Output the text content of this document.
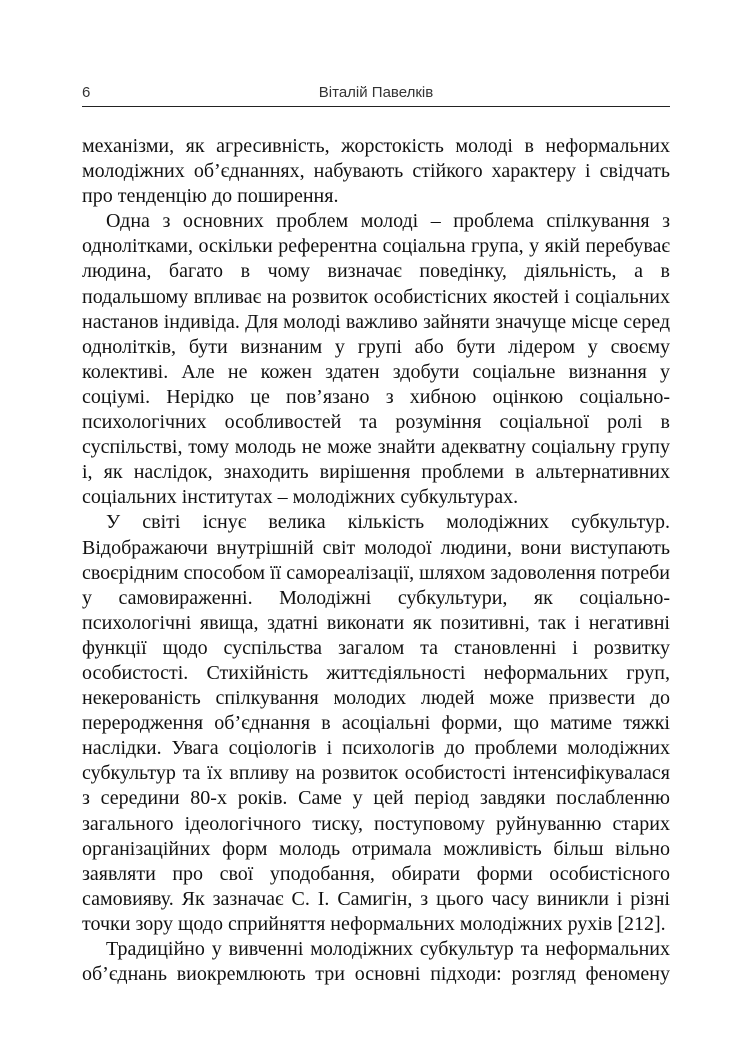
6	Віталій Павелків

механізми, як агресивність, жорстокість молоді в неформальних
молодіжних об’єднаннях, набувають стійкого характеру і свідчать
про тенденцію до поширення.

Одна з основних проблем молоді – проблема спілкування з
однолітками, оскільки референтна соціальна група, у якій перебуває
людина, багато в чому визначає поведінку, діяльність, а в
подальшому впливає на розвиток особистісних якостей і соціальних
настанов індивіда. Для молоді важливо зайняти значуще місце серед
однолітків, бути визнаним у групі або бути лідером у своєму
колективі. Але не кожен здатен здобути соціальне визнання у
соціумі. Нерідко це пов’язано з хибною оцінкою соціально-
психологічних особливостей та розуміння соціальної ролі в
суспільстві, тому молодь не може знайти адекватну соціальну групу
і, як наслідок, знаходить вирішення проблеми в альтернативних
соціальних інститутах – молодіжних субкультурах.

У світі існує велика кількість молодіжних субкультур.
Відображаючи внутрішній світ молодої людини, вони виступають
своєрідним способом її самореалізації, шляхом задоволення потреби
у самовираженні. Молодіжні субкультури, як соціально-
психологічні явища, здатні виконати як позитивні, так і негативні
функції щодо суспільства загалом та становленні і розвитку
особистості. Стихійність життєдіяльності неформальних груп,
некерованість спілкування молодих людей може призвести до
переродження об’єднання в асоціальні форми, що матиме тяжкі
наслідки. Увага соціологів і психологів до проблеми молодіжних
субкультур та їх впливу на розвиток особистості інтенсифікувалася
з середини 80-х років. Саме у цей період завдяки послабленню
загального ідеологічного тиску, поступовому руйнуванню старих
організаційних форм молодь отримала можливість більш вільно
заявляти про свої уподобання, обирати форми особистісного
самовияву. Як зазначає С. І. Самигін, з цього часу виникли і різні
точки зору щодо сприйняття неформальних молодіжних рухів [212].

Традиційно у вивченні молодіжних субкультур та неформальних
об’єднань виокремлюють три основні підходи: розгляд феномену
